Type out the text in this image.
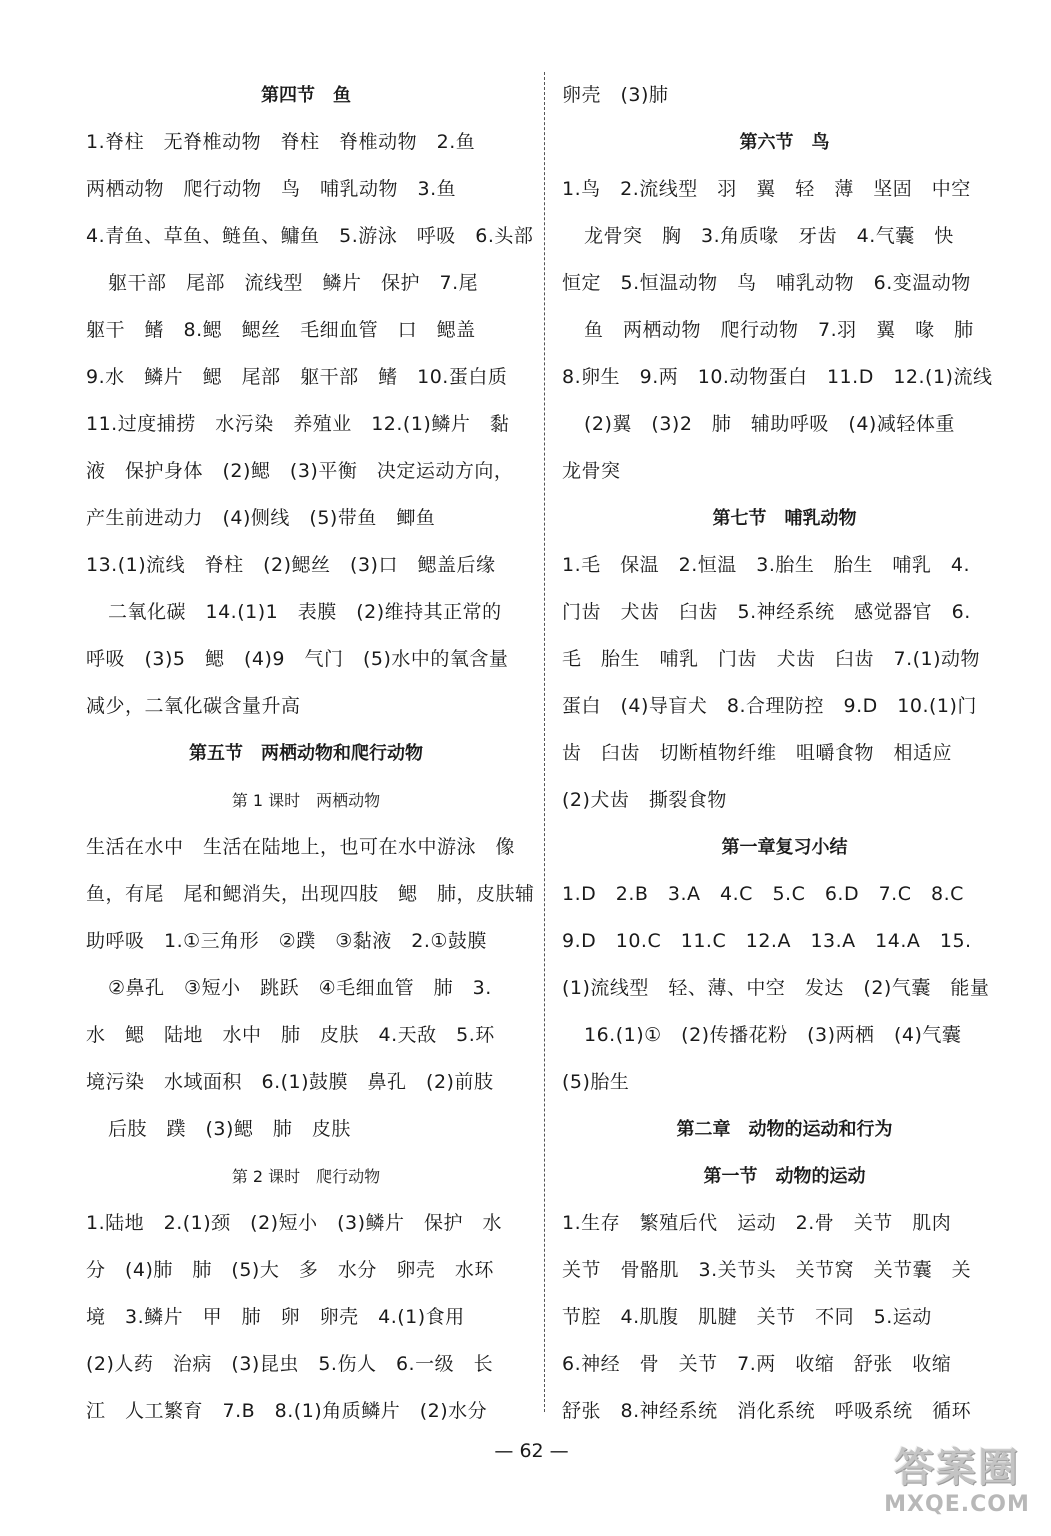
第四节　鱼
1.脊柱　无脊椎动物　脊柱　脊椎动物　2.鱼
两栖动物　爬行动物　鸟　哺乳动物　3.鱼
4.青鱼、草鱼、鲢鱼、鳙鱼　5.游泳　呼吸　6.头部
躯干部　尾部　流线型　鳞片　保护　7.尾
躯干　鳍　8.鳃　鳃丝　毛细血管　口　鳃盖
9.水　鳞片　鳃　尾部　躯干部　鳍　10.蛋白质
11.过度捕捞　水污染　养殖业　12.(1)鳞片　黏
液　保护身体　(2)鳃　(3)平衡　决定运动方向，
产生前进动力　(4)侧线　(5)带鱼　鲫鱼
13.(1)流线　脊柱　(2)鳃丝　(3)口　鳃盖后缘
二氧化碳　14.(1)1　表膜　(2)维持其正常的
呼吸　(3)5　鳃　(4)9　气门　(5)水中的氧含量
减少，二氧化碳含量升高
第五节　两栖动物和爬行动物
第 1 课时　两栖动物
生活在水中　生活在陆地上，也可在水中游泳　像
鱼，有尾　尾和鳃消失，出现四肢　鳃　肺，皮肤辅
助呼吸　1.①三角形　②蹼　③黏液　2.①鼓膜
②鼻孔　③短小　跳跃　④毛细血管　肺　3.
水　鳃　陆地　水中　肺　皮肤　4.天敌　5.环
境污染　水域面积　6.(1)鼓膜　鼻孔　(2)前肢
后肢　蹼　(3)鳃　肺　皮肤
第 2 课时　爬行动物
1.陆地　2.(1)颈　(2)短小　(3)鳞片　保护　水
分　(4)肺　肺　(5)大　多　水分　卵壳　水环
境　3.鳞片　甲　肺　卵　卵壳　4.(1)食用
(2)人药　治病　(3)昆虫　5.伤人　6.一级　长
江　人工繁育　7.B　8.(1)角质鳞片　(2)水分
卵壳　(3)肺
第六节　鸟
1.鸟　2.流线型　羽　翼　轻　薄　坚固　中空
龙骨突　胸　3.角质喙　牙齿　4.气囊　快
恒定　5.恒温动物　鸟　哺乳动物　6.变温动物
鱼　两栖动物　爬行动物　7.羽　翼　喙　肺
8.卵生　9.两　10.动物蛋白　11.D　12.(1)流线
(2)翼　(3)2　肺　辅助呼吸　(4)减轻体重
龙骨突
第七节　哺乳动物
1.毛　保温　2.恒温　3.胎生　胎生　哺乳　4.
门齿　犬齿　臼齿　5.神经系统　感觉器官　6.
毛　胎生　哺乳　门齿　犬齿　臼齿　7.(1)动物
蛋白　(4)导盲犬　8.合理防控　9.D　10.(1)门
齿　臼齿　切断植物纤维　咀嚼食物　相适应
(2)犬齿　撕裂食物
第一章复习小结
1.D　2.B　3.A　4.C　5.C　6.D　7.C　8.C
9.D　10.C　11.C　12.A　13.A　14.A　15.
(1)流线型　轻、薄、中空　发达　(2)气囊　能量
16.(1)①　(2)传播花粉　(3)两栖　(4)气囊
(5)胎生
第二章　动物的运动和行为
第一节　动物的运动
1.生存　繁殖后代　运动　2.骨　关节　肌肉
关节　骨骼肌　3.关节头　关节窝　关节囊　关
节腔　4.肌腹　肌腱　关节　不同　5.运动
6.神经　骨　关节　7.两　收缩　舒张　收缩
舒张　8.神经系统　消化系统　呼吸系统　循环

— 62 —	答案圈
MXQE.COM
